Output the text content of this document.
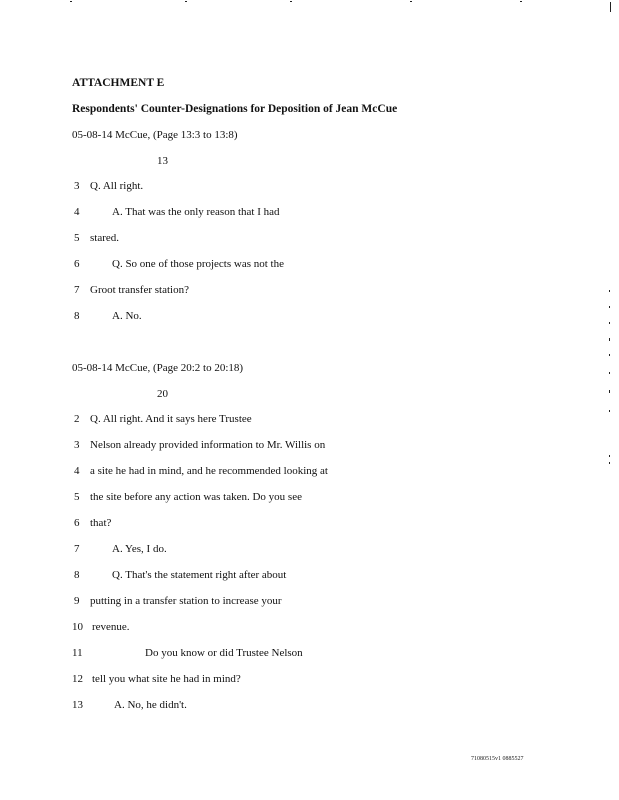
ATTACHMENT E
Respondents' Counter-Designations for Deposition of Jean McCue
05-08-14 McCue, (Page 13:3 to 13:8)
13
3 Q. All right.
4	A. That was the only reason that I had
5 stared.
6	Q. So one of those projects was not the
7 Groot transfer station?
8	A. No.
05-08-14 McCue, (Page 20:2 to 20:18)
20
2 Q. All right. And it says here Trustee
3 Nelson already provided information to Mr. Willis on
4 a site he had in mind, and he recommended looking at
5 the site before any action was taken. Do you see
6 that?
7	A. Yes, I do.
8	Q. That's the statement right after about
9 putting in a transfer station to increase your
10 revenue.
11	Do you know or did Trustee Nelson
12 tell you what site he had in mind?
13	A. No, he didn't.
71080515v1 0885527
